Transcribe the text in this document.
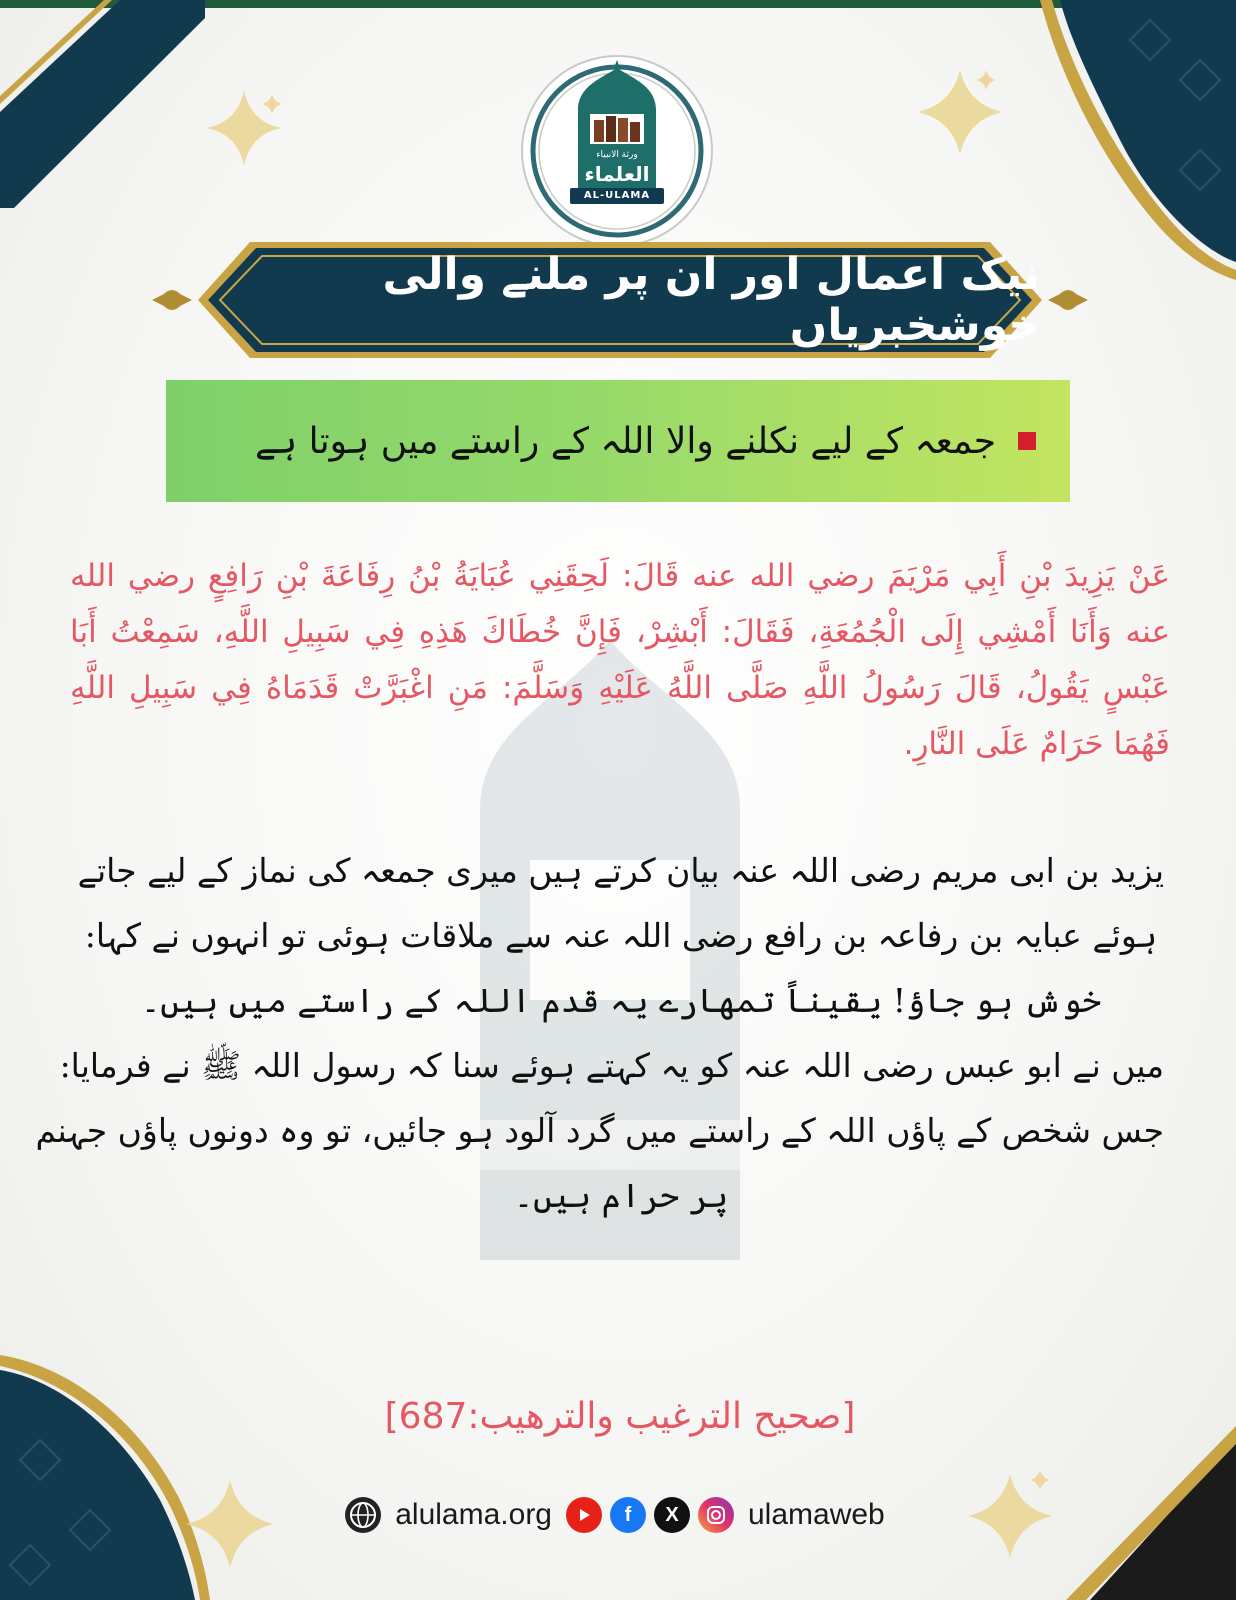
ورثة الانبياء
العلماء
AL-ULAMA
نیک اعمال اور ان پر ملنے والی خوشخبریاں
جمعہ کے لیے نکلنے والا اللہ کے راستے میں ہوتا ہے
عَنْ يَزِيدَ بْنِ أَبِي مَرْيَمَ رضي الله عنه قَالَ: لَحِقَنِي عُبَايَةُ بْنُ رِفَاعَةَ بْنِ رَافِعٍ رضي الله عنه وَأَنَا أَمْشِي إِلَى الْجُمُعَةِ، فَقَالَ: أَبْشِرْ، فَإِنَّ خُطَاكَ هَذِهِ فِي سَبِيلِ اللَّهِ، سَمِعْتُ أَبَا عَبْسٍ يَقُولُ، قَالَ رَسُولُ اللَّهِ صَلَّى اللَّهُ عَلَيْهِ وَسَلَّمَ: مَنِ اغْبَرَّتْ قَدَمَاهُ فِي سَبِيلِ اللَّهِ فَهُمَا حَرَامٌ عَلَى النَّارِ.
یزید بن ابی مریم رضی اللہ عنہ بیان کرتے ہیں میری جمعہ کی نماز کے لیے جاتے
ہوئے عبایہ بن رفاعہ بن رافع رضی اللہ عنہ سے ملاقات ہوئی تو انہوں نے کہا:
خوش ہو جاؤ! یقیناً تمھارے یہ قدم اللہ کے راستے میں ہیں۔
میں نے ابو عبس رضی اللہ عنہ کو یہ کہتے ہوئے سنا کہ رسول اللہ ﷺ نے فرمایا:
جس شخص کے پاؤں اللہ کے راستے میں گرد آلود ہو جائیں، تو وہ دونوں پاؤں جہنم
پر حرام ہیں۔
[صحيح الترغيب والترهيب:687]
alulama.org	f	X	ulamaweb
